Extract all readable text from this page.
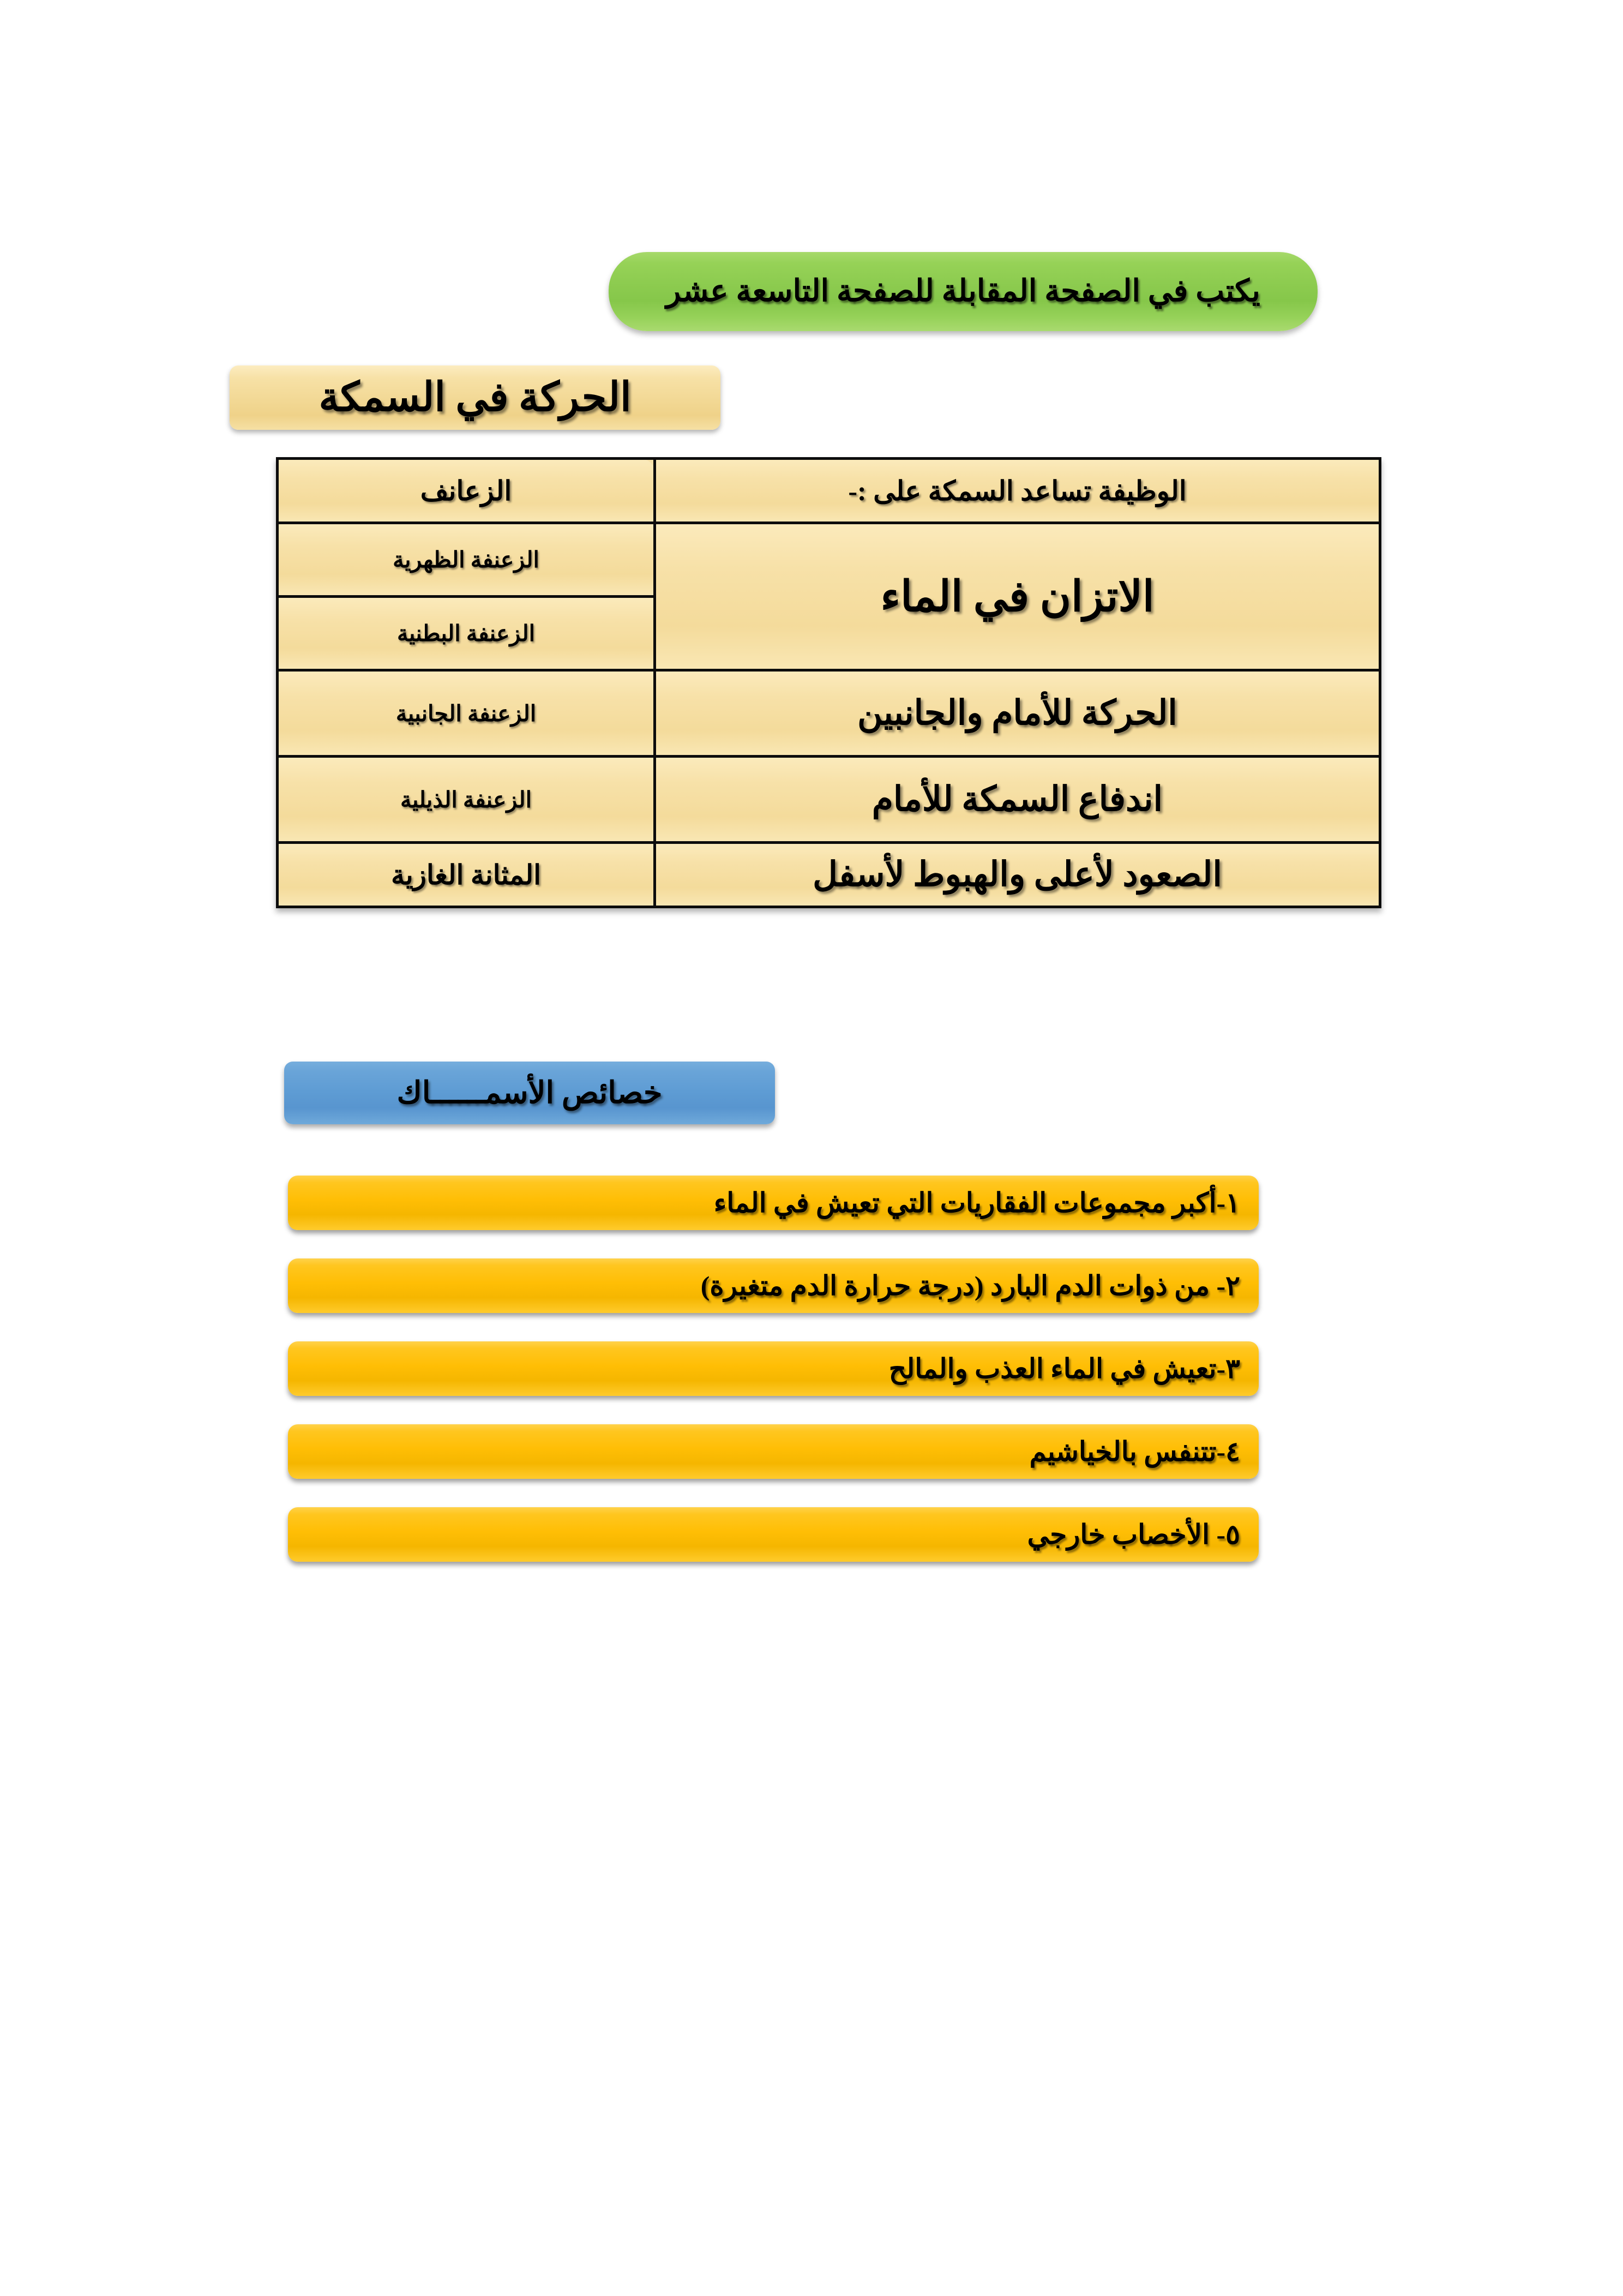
يكتب في الصفحة المقابلة للصفحة التاسعة عشر
الحركة في السمكة
الوظيفة تساعد السمكة على :-	الزعانف
الاتزان في الماء	الزعنفة الظهرية
	الزعنفة البطنية
الحركة للأمام والجانبين	الزعنفة الجانبية
اندفاع السمكة للأمام	الزعنفة الذيلية
الصعود لأعلى والهبوط لأسفل	المثانة الغازية
خصائص الأسمــــــاك
١-أكبر مجموعات الفقاريات التي تعيش في الماء
٢- من ذوات الدم البارد (درجة حرارة الدم متغيرة)
٣-تعيش في الماء العذب والمالح
٤-تتنفس بالخياشيم
٥- الأخصاب خارجي
